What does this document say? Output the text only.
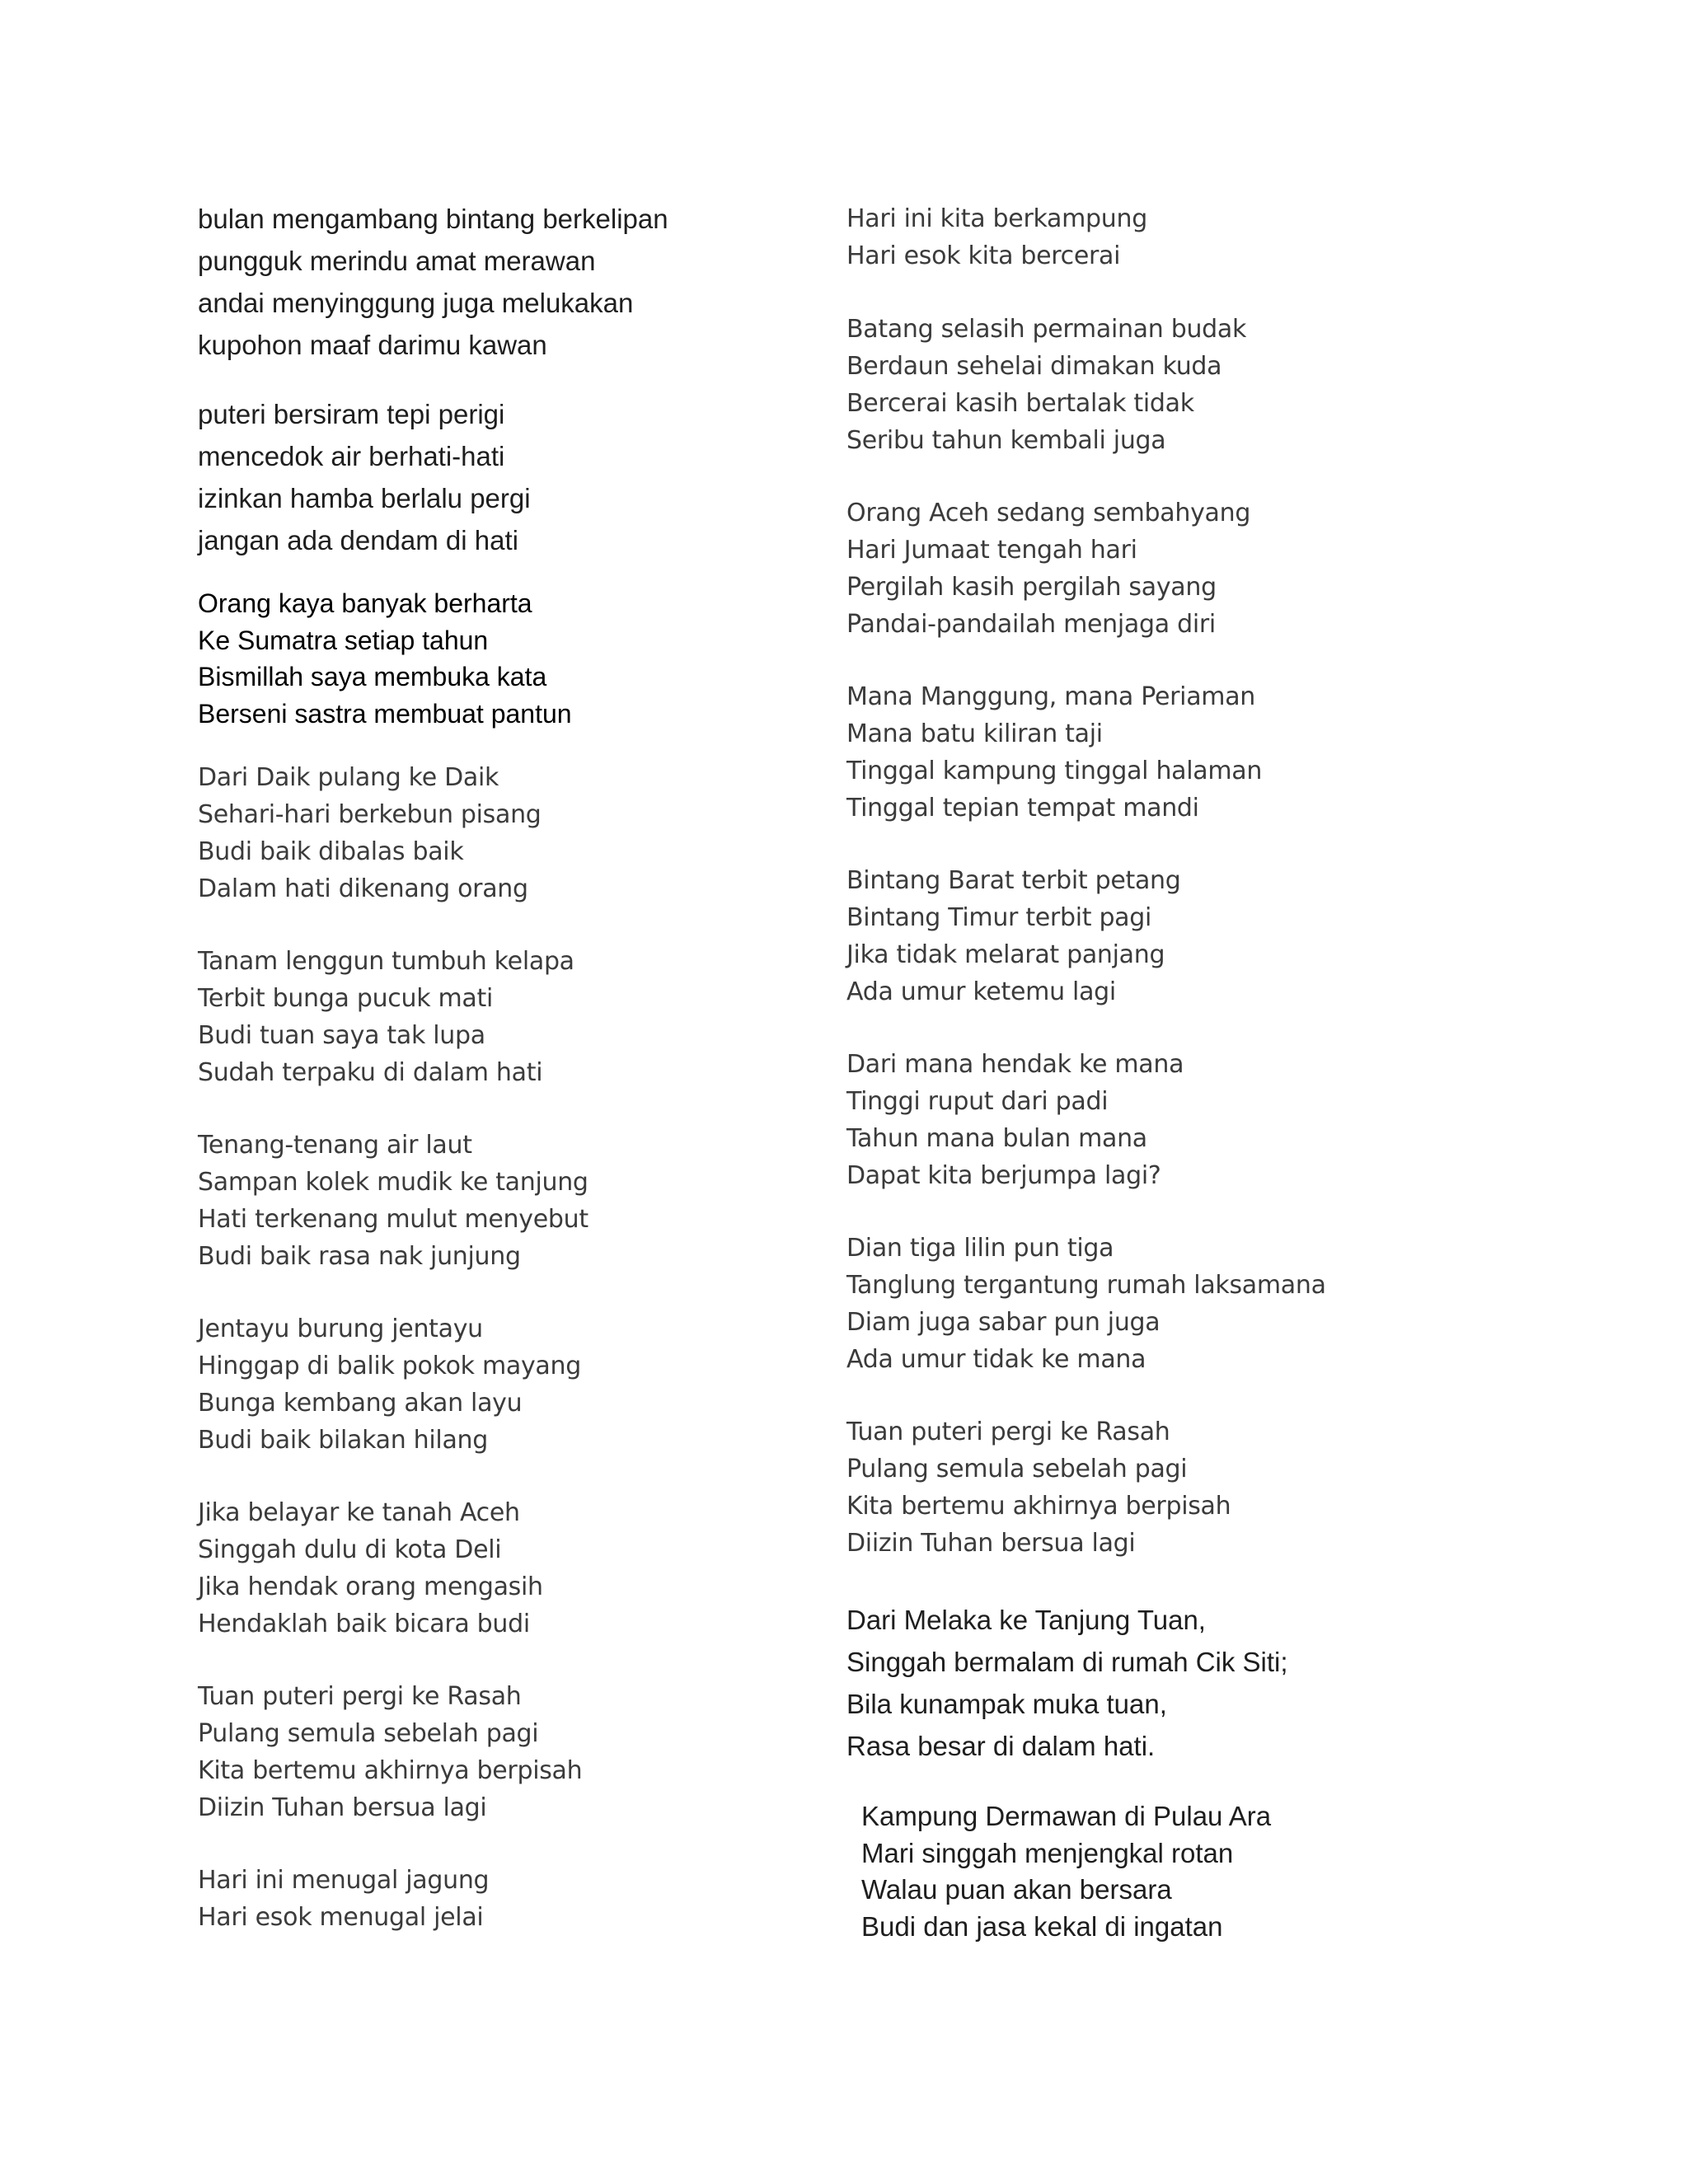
bulan mengambang bintang berkelipan
pungguk merindu amat merawan
andai menyinggung juga melukakan
kupohon maaf darimu kawan
puteri bersiram tepi perigi
mencedok air berhati-hati
izinkan hamba berlalu pergi
jangan ada dendam di hati
Orang kaya banyak berharta
Ke Sumatra setiap tahun
Bismillah saya membuka kata
Berseni sastra membuat pantun
Dari Daik pulang ke Daik
Sehari-hari berkebun pisang
Budi baik dibalas baik
Dalam hati dikenang orang
Tanam lenggun tumbuh kelapa
Terbit bunga pucuk mati
Budi tuan saya tak lupa
Sudah terpaku di dalam hati
Tenang-tenang air laut
Sampan kolek mudik ke tanjung
Hati terkenang mulut menyebut
Budi baik rasa nak junjung
Jentayu burung jentayu
Hinggap di balik pokok mayang
Bunga kembang akan layu
Budi baik bilakan hilang
Jika belayar ke tanah Aceh
Singgah dulu di kota Deli
Jika hendak orang mengasih
Hendaklah baik bicara budi
Tuan puteri pergi ke Rasah
Pulang semula sebelah pagi
Kita bertemu akhirnya berpisah
Diizin Tuhan bersua lagi
Hari ini menugal jagung
Hari esok menugal jelai
Hari ini kita berkampung
Hari esok kita bercerai
Batang selasih permainan budak
Berdaun sehelai dimakan kuda
Bercerai kasih bertalak tidak
Seribu tahun kembali juga
Orang Aceh sedang sembahyang
Hari Jumaat tengah hari
Pergilah kasih pergilah sayang
Pandai-pandailah menjaga diri
Mana Manggung, mana Periaman
Mana batu kiliran taji
Tinggal kampung tinggal halaman
Tinggal tepian tempat mandi
Bintang Barat terbit petang
Bintang Timur terbit pagi
Jika tidak melarat panjang
Ada umur ketemu lagi
Dari mana hendak ke mana
Tinggi ruput dari padi
Tahun mana bulan mana
Dapat kita berjumpa lagi?
Dian tiga lilin pun tiga
Tanglung tergantung rumah laksamana
Diam juga sabar pun juga
Ada umur tidak ke mana
Tuan puteri pergi ke Rasah
Pulang semula sebelah pagi
Kita bertemu akhirnya berpisah
Diizin Tuhan bersua lagi
Dari Melaka ke Tanjung Tuan,
Singgah bermalam di rumah Cik Siti;
Bila kunampak muka tuan,
Rasa besar di dalam hati.
Kampung Dermawan di Pulau Ara
Mari singgah menjengkal rotan
Walau puan akan bersara
Budi dan jasa kekal di ingatan
